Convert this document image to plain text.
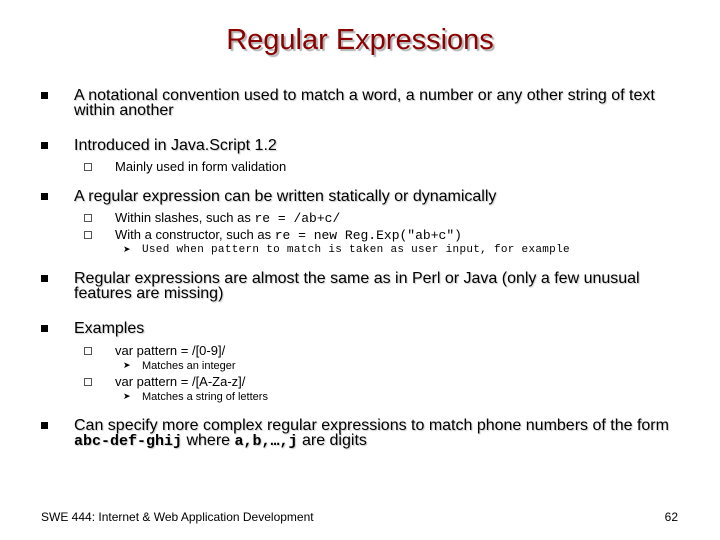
Regular Expressions
A notational convention used to match a word, a number or any other string of text
within another
Introduced in Java.Script 1.2
Mainly used in form validation
A regular expression can be written statically or dynamically
Within slashes, such as re = /ab+c/
With a constructor, such as re = new Reg.Exp("ab+c")
➤ Used when pattern to match is taken as user input, for example
Regular expressions are almost the same as in Perl or Java (only a few unusual
features are missing)
Examples
var pattern = /[0-9]/
➤ Matches an integer
var pattern = /[A-Za-z]/
➤ Matches a string of letters
Can specify more complex regular expressions to match phone numbers of the form
abc-def-ghij where a,b,…,j are digits
SWE 444: Internet & Web Application Development	62
